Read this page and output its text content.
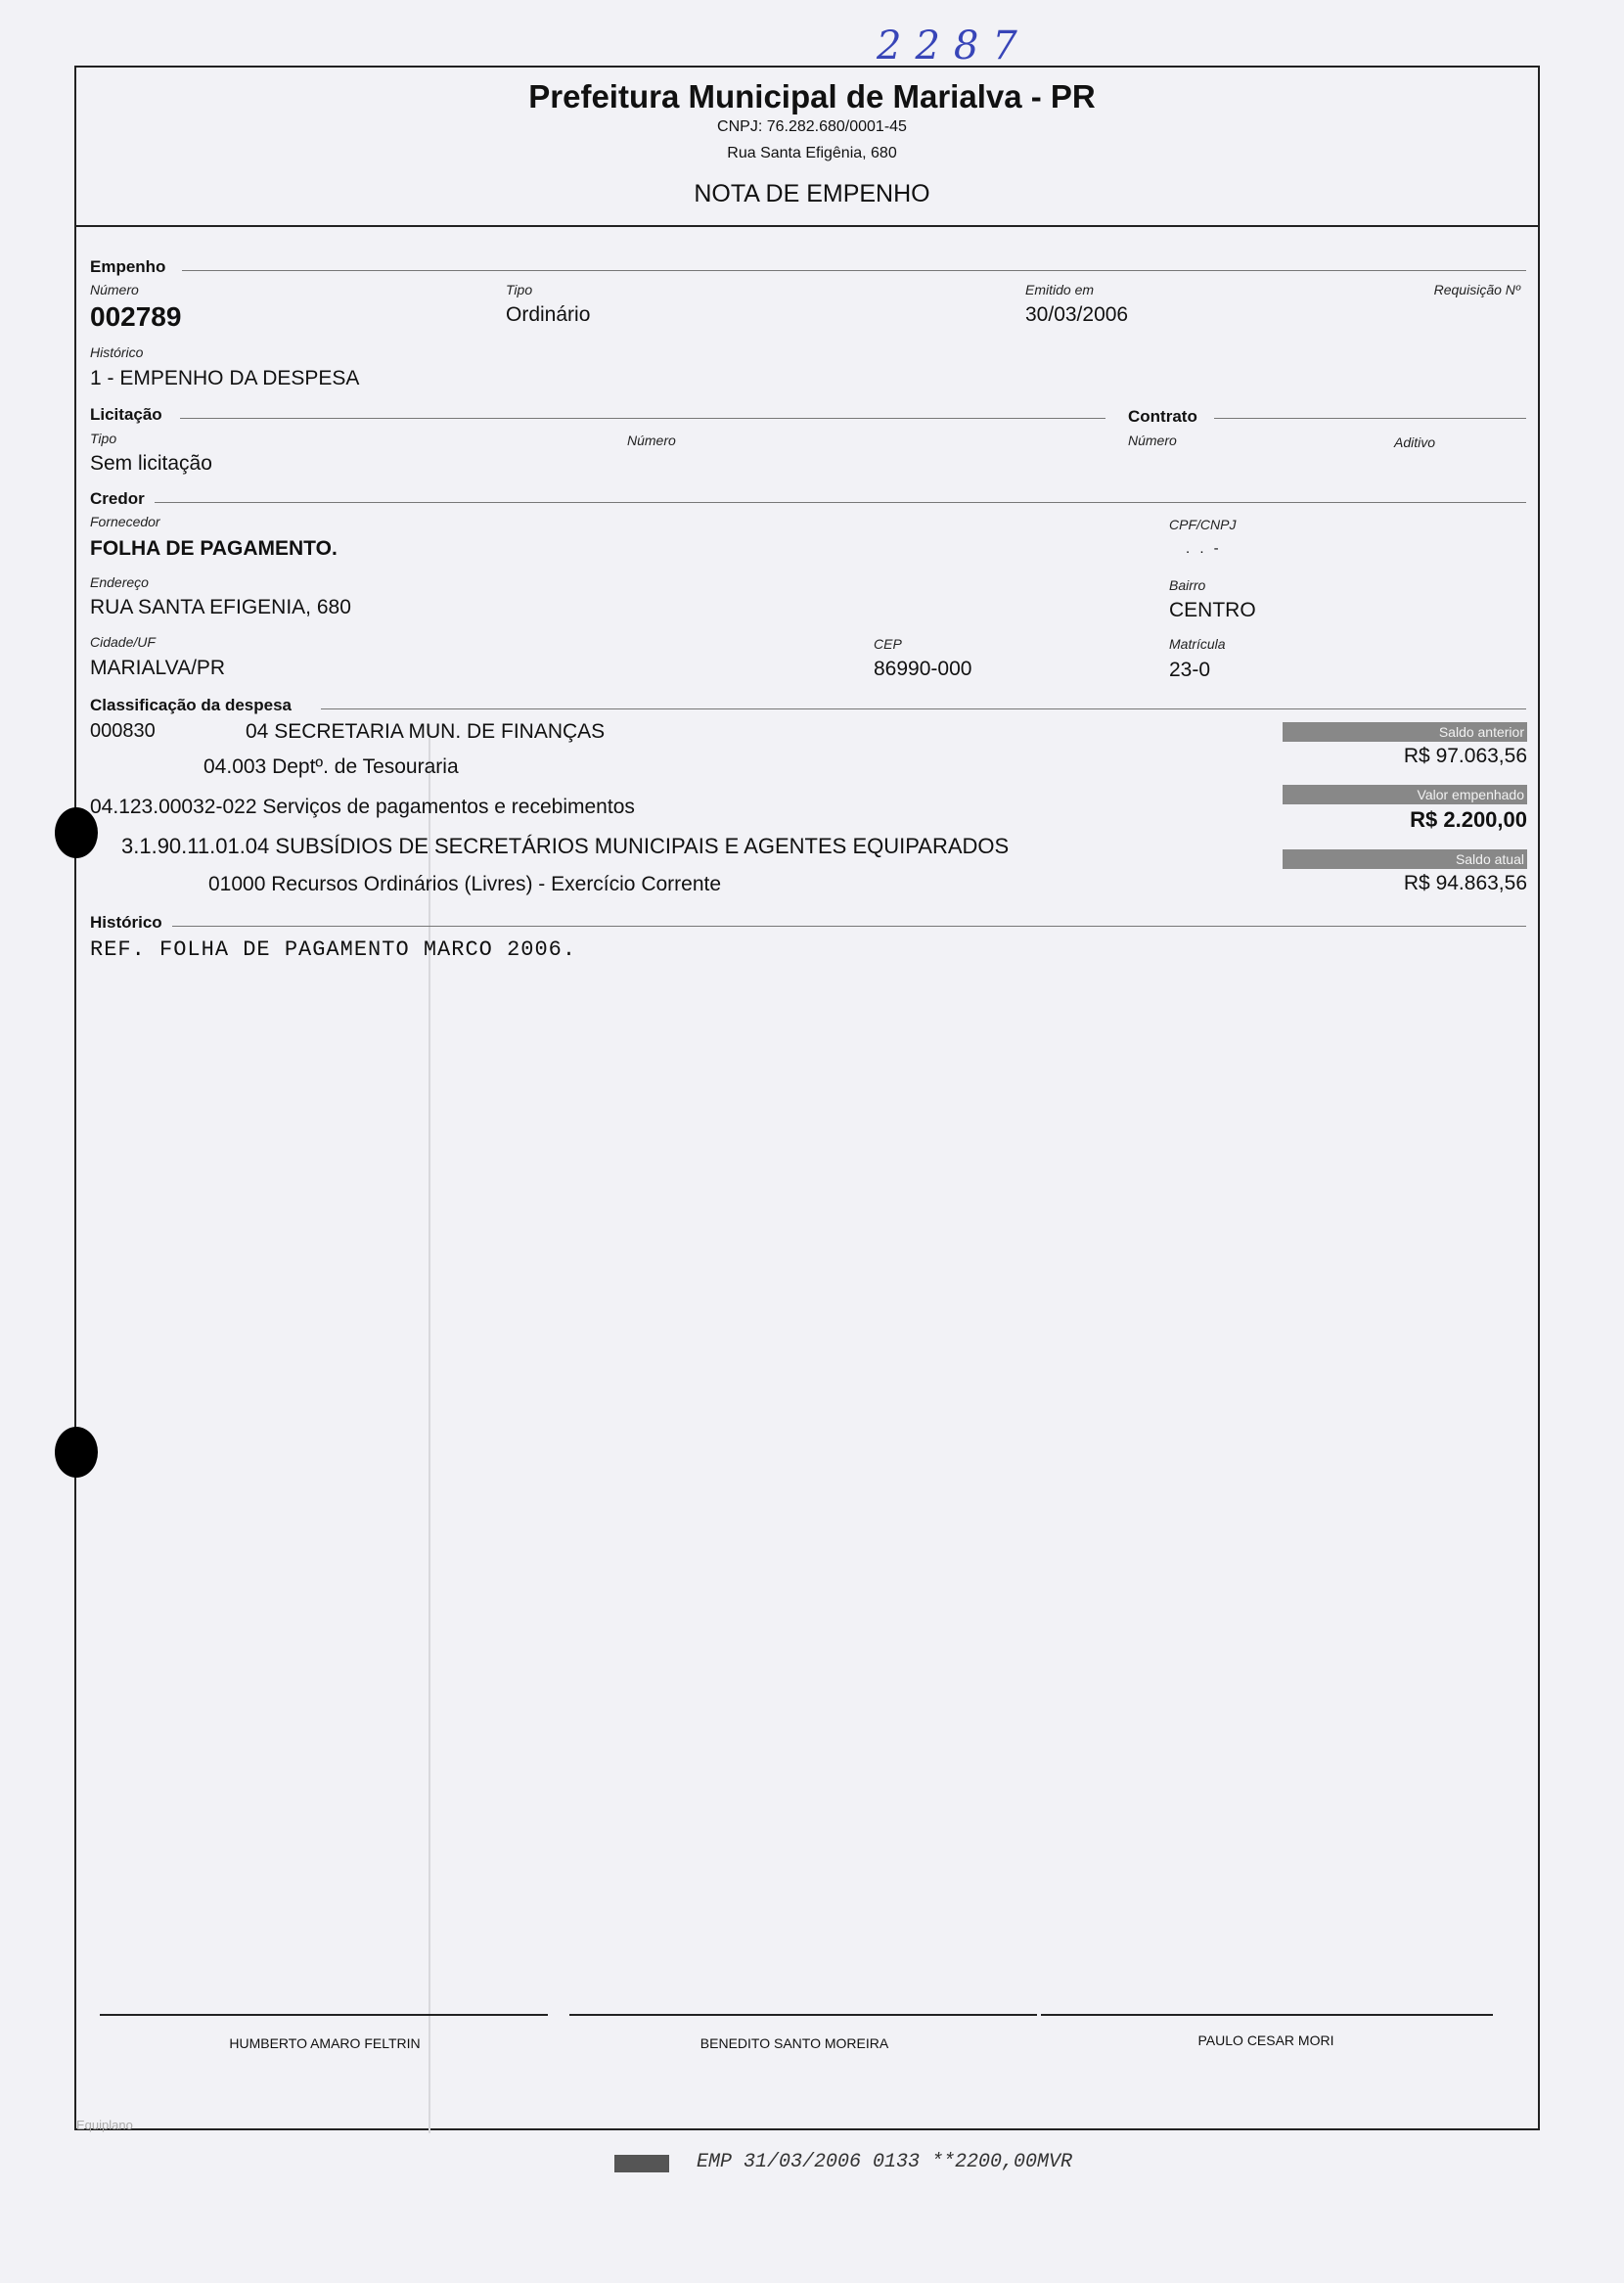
2287
Prefeitura Municipal de Marialva - PR
CNPJ: 76.282.680/0001-45
Rua Santa Efigênia, 680
NOTA DE EMPENHO
Empenho
Número
002789
Tipo
Ordinário
Emitido em
30/03/2006
Requisição Nº
Histórico
1 - EMPENHO DA DESPESA
Licitação	Contrato
Tipo
Sem licitação
Número	Número	Aditivo
Credor
Fornecedor
FOLHA DE PAGAMENTO.
CPF/CNPJ
. . -
Endereço
RUA SANTA EFIGENIA, 680
Bairro
CENTRO
Cidade/UF
MARIALVA/PR
CEP
86990-000
Matrícula
23-0
Classificação da despesa
000830	04 SECRETARIA MUN. DE FINANÇAS
04.003 Deptº. de Tesouraria
04.123.00032-022 Serviços de pagamentos e recebimentos
3.1.90.11.01.04 SUBSÍDIOS DE SECRETÁRIOS MUNICIPAIS E AGENTES EQUIPARADOS
01000 Recursos Ordinários (Livres) - Exercício Corrente
Saldo anterior
R$ 97.063,56
Valor empenhado
R$ 2.200,00
Saldo atual
R$ 94.863,56
Histórico
REF. FOLHA DE PAGAMENTO MARCO 2006.
HUMBERTO AMARO FELTRIN	BENEDITO SANTO MOREIRA	PAULO CESAR MORI
Equiplano
EMP 31/03/2006 0133 **2200,00MVR
